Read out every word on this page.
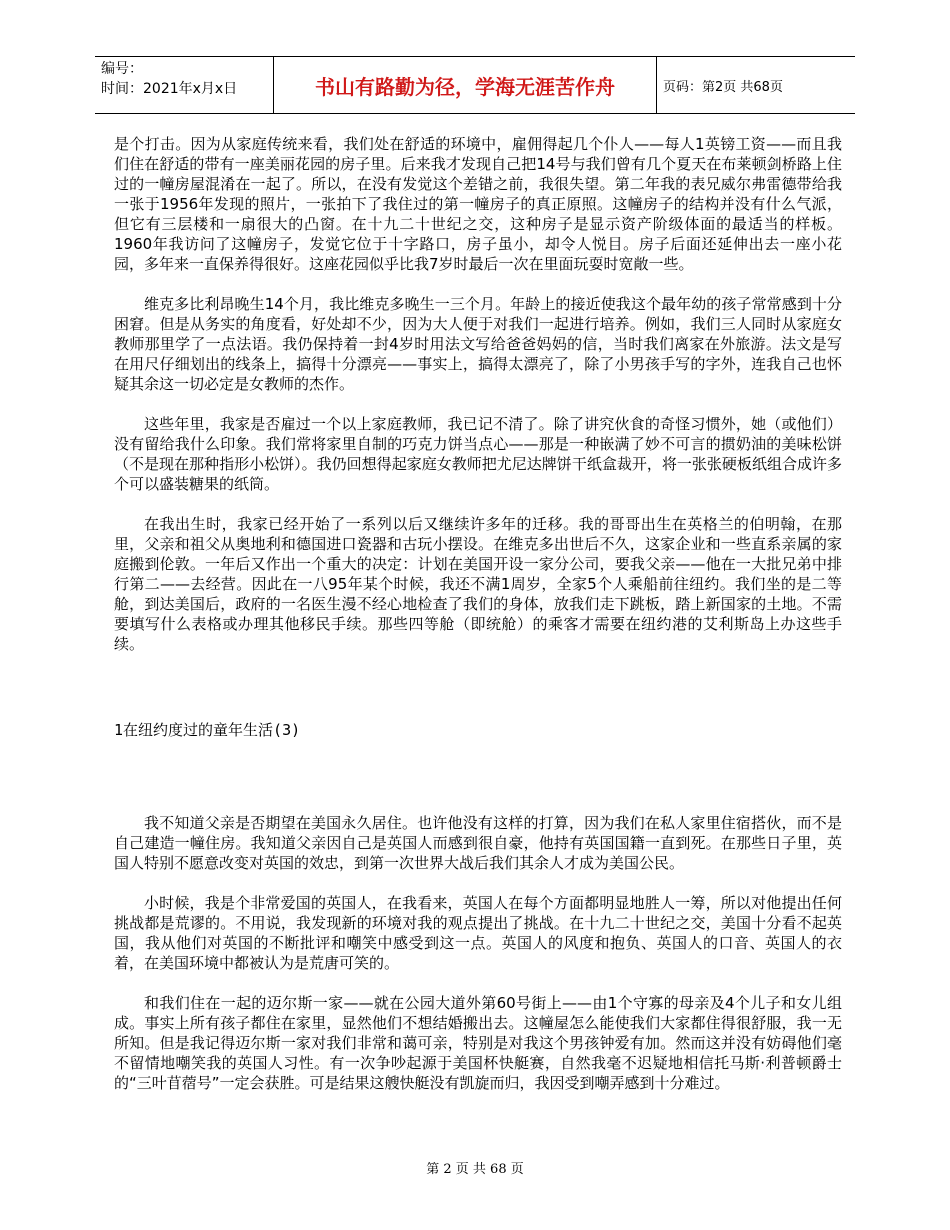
编号：
时间：2021年x月x日	书山有路勤为径，学海无涯苦作舟	页码：第2页 共68页

是个打击。因为从家庭传统来看，我们处在舒适的环境中，雇佣得起几个仆人——每人1英镑工资——而且我们住在舒适的带有一座美丽花园的房子里。后来我才发现自己把14号与我们曾有几个夏天在布莱顿剑桥路上住过的一幢房屋混淆在一起了。所以，在没有发觉这个差错之前，我很失望。第二年我的表兄威尔弗雷德带给我一张于1956年发现的照片，一张拍下了我住过的第一幢房子的真正原照。这幢房子的结构并没有什么气派，但它有三层楼和一扇很大的凸窗。在十九二十世纪之交，这种房子是显示资产阶级体面的最适当的样板。1960年我访问了这幢房子，发觉它位于十字路口，房子虽小，却令人悦目。房子后面还延伸出去一座小花园，多年来一直保养得很好。这座花园似乎比我7岁时最后一次在里面玩耍时宽敞一些。

维克多比利昂晚生14个月，我比维克多晚生一三个月。年龄上的接近使我这个最年幼的孩子常常感到十分困窘。但是从务实的角度看，好处却不少，因为大人便于对我们一起进行培养。例如，我们三人同时从家庭女教师那里学了一点法语。我仍保持着一封4岁时用法文写给爸爸妈妈的信，当时我们离家在外旅游。法文是写在用尺仔细划出的线条上，搞得十分漂亮——事实上，搞得太漂亮了，除了小男孩手写的字外，连我自己也怀疑其余这一切必定是女教师的杰作。

这些年里，我家是否雇过一个以上家庭教师，我已记不清了。除了讲究伙食的奇怪习惯外，她（或他们）没有留给我什么印象。我们常将家里自制的巧克力饼当点心——那是一种嵌满了妙不可言的掼奶油的美味松饼（不是现在那种指形小松饼）。我仍回想得起家庭女教师把尤尼达牌饼干纸盒裁开，将一张张硬板纸组合成许多个可以盛装糖果的纸筒。

在我出生时，我家已经开始了一系列以后又继续许多年的迁移。我的哥哥出生在英格兰的伯明翰，在那里，父亲和祖父从奥地利和德国进口瓷器和古玩小摆设。在维克多出世后不久，这家企业和一些直系亲属的家庭搬到伦敦。一年后又作出一个重大的决定：计划在美国开设一家分公司，要我父亲——他在一大批兄弟中排行第二——去经营。因此在一八95年某个时候，我还不满1周岁，全家5个人乘船前往纽约。我们坐的是二等舱，到达美国后，政府的一名医生漫不经心地检查了我们的身体，放我们走下跳板，踏上新国家的土地。不需要填写什么表格或办理其他移民手续。那些四等舱（即统舱）的乘客才需要在纽约港的艾利斯岛上办这些手续。

1在纽约度过的童年生活(3)

我不知道父亲是否期望在美国永久居住。也许他没有这样的打算，因为我们在私人家里住宿搭伙，而不是自己建造一幢住房。我知道父亲因自己是英国人而感到很自豪，他持有英国国籍一直到死。在那些日子里，英国人特别不愿意改变对英国的效忠，到第一次世界大战后我们其余人才成为美国公民。

小时候，我是个非常爱国的英国人，在我看来，英国人在每个方面都明显地胜人一筹，所以对他提出任何挑战都是荒谬的。不用说，我发现新的环境对我的观点提出了挑战。在十九二十世纪之交，美国十分看不起英国，我从他们对英国的不断批评和嘲笑中感受到这一点。英国人的风度和抱负、英国人的口音、英国人的衣着，在美国环境中都被认为是荒唐可笑的。

和我们住在一起的迈尔斯一家——就在公园大道外第60号街上——由1个守寡的母亲及4个儿子和女儿组成。事实上所有孩子都住在家里，显然他们不想结婚搬出去。这幢屋怎么能使我们大家都住得很舒服，我一无所知。但是我记得迈尔斯一家对我们非常和蔼可亲，特别是对我这个男孩钟爱有加。然而这并没有妨碍他们毫不留情地嘲笑我的英国人习性。有一次争吵起源于美国杯快艇赛，自然我毫不迟疑地相信托马斯·利普顿爵士的“三叶苜蓿号”一定会获胜。可是结果这艘快艇没有凯旋而归，我因受到嘲弄感到十分难过。

第 2 页 共 68 页
